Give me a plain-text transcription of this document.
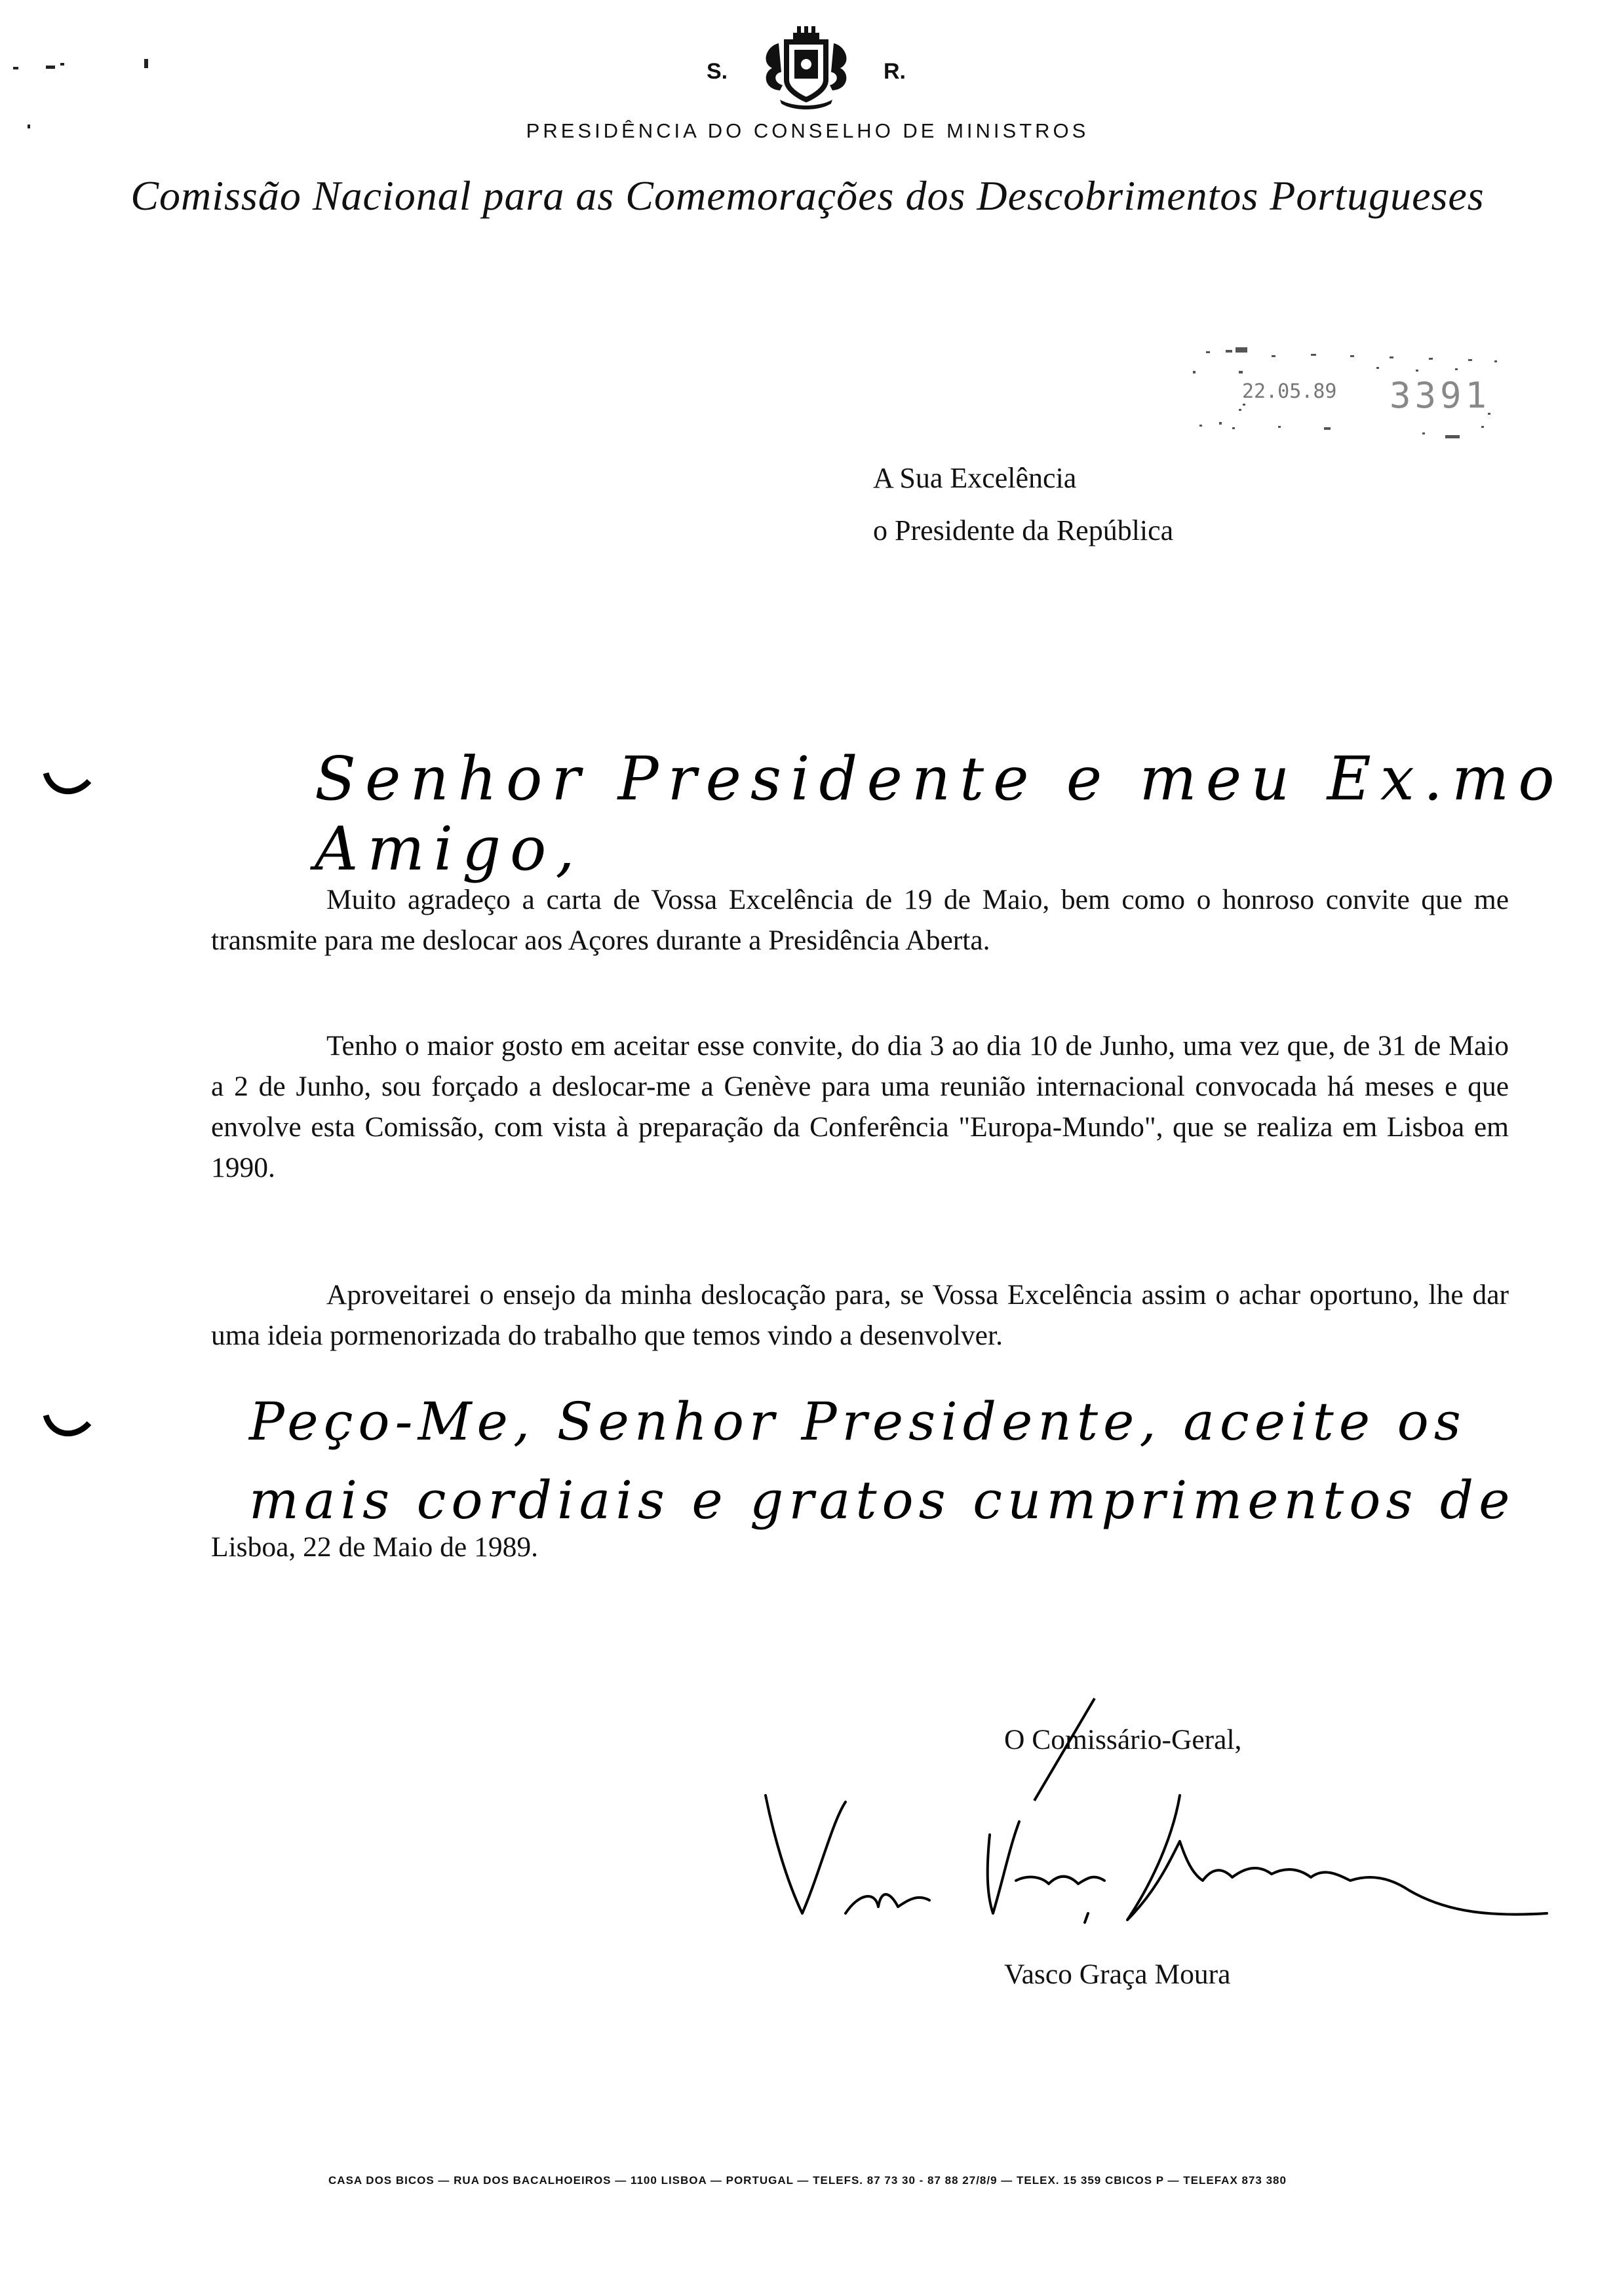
S.	R.
PRESIDÊNCIA DO CONSELHO DE MINISTROS
Comissão Nacional para as Comemorações dos Descobrimentos Portugueses
22.05.89 3391
A Sua Excelência
o Presidente da República
Senhor Presidente e meu Ex.mo Amigo,

Muito agradeço a carta de Vossa Excelência de 19 de Maio, bem como o honroso convite que me transmite para me deslocar aos Açores durante a Presidência Aberta.

Tenho o maior gosto em aceitar esse convite, do dia 3 ao dia 10 de Junho, uma vez que, de 31 de Maio a 2 de Junho, sou forçado a deslocar-me a Genève para uma reunião internacional convocada há meses e que envolve esta Comissão, com vista à preparação da Conferência "Europa-Mundo", que se realiza em Lisboa em 1990.

Aproveitarei o ensejo da minha deslocação para, se Vossa Excelência assim o achar oportuno, lhe dar uma ideia pormenorizada do trabalho que temos vindo a desenvolver.

Peço-Me, Senhor Presidente, aceite os
mais cordiais e gratos cumprimentos de
Lisboa, 22 de Maio de 1989.
O Comissário-Geral,
Vasco Graça Moura
CASA DOS BICOS — RUA DOS BACALHOEIROS — 1100 LISBOA — PORTUGAL — TELEFS. 87 73 30 - 87 88 27/8/9 — TELEX. 15 359 CBICOS P — TELEFAX 873 380
